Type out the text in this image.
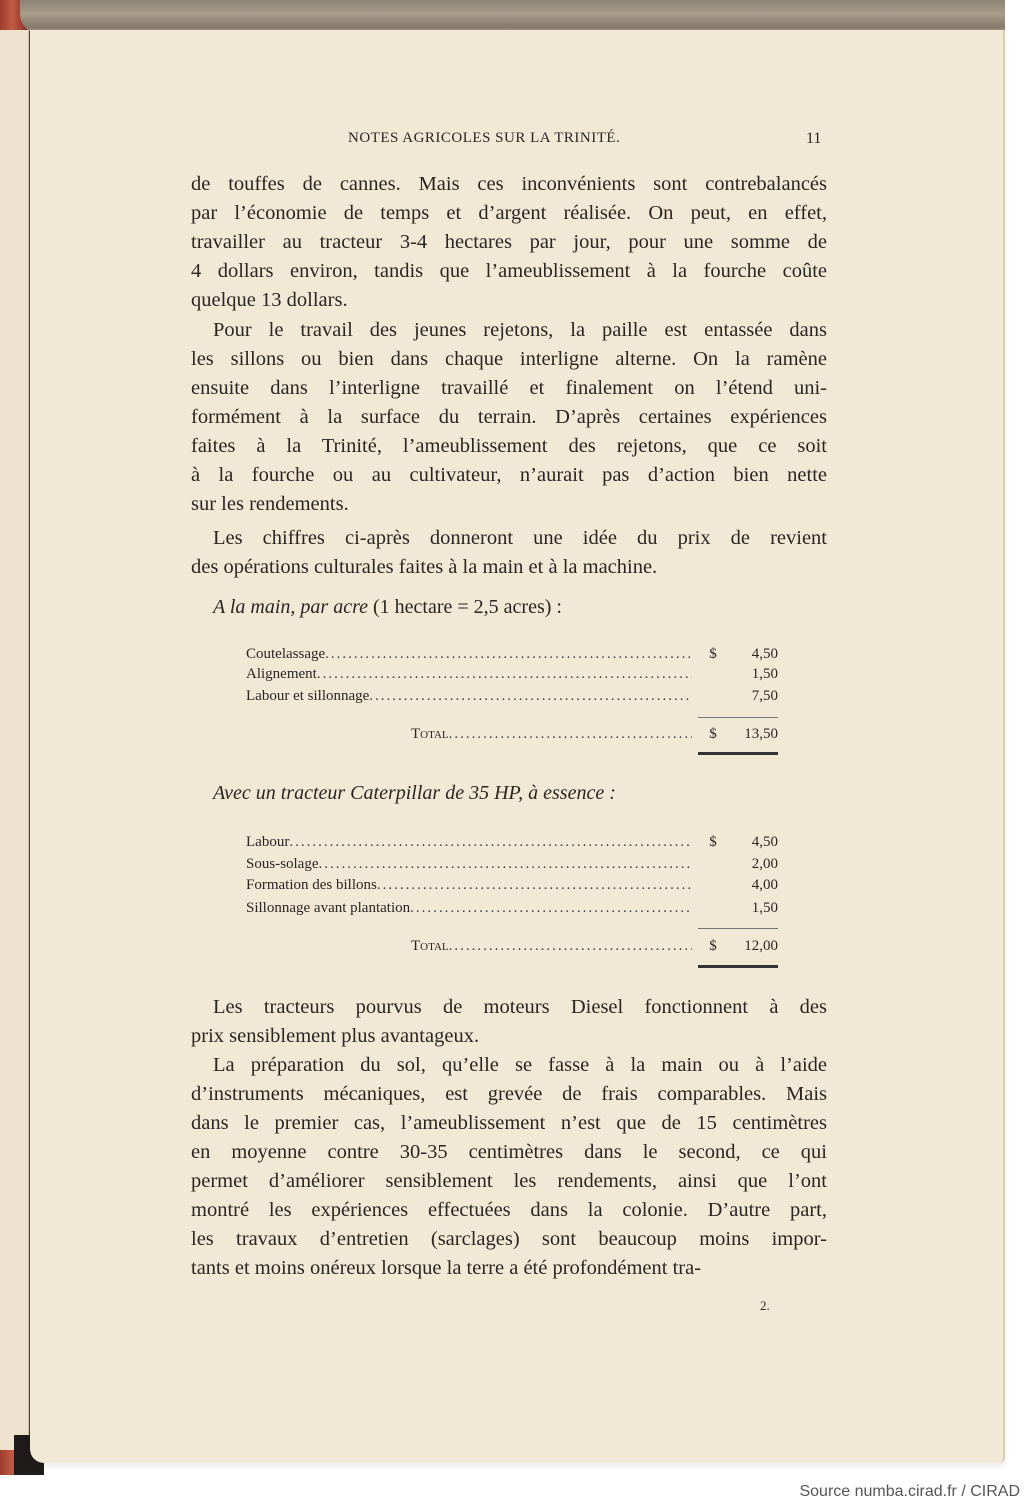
NOTES AGRICOLES SUR LA TRINITÉ.	11
de touffes de cannes. Mais ces inconvénients sont contrebalancés
par l’économie de temps et d’argent réalisée. On peut, en effet,
travailler au tracteur 3-4 hectares par jour, pour une somme de
4 dollars environ, tandis que l’ameublissement à la fourche coûte
quelque 13 dollars.
Pour le travail des jeunes rejetons, la paille est entassée dans
les sillons ou bien dans chaque interligne alterne. On la ramène
ensuite dans l’interligne travaillé et finalement on l’étend uni-
formément à la surface du terrain. D’après certaines expériences
faites à la Trinité, l’ameublissement des rejetons, que ce soit
à la fourche ou au cultivateur, n’aurait pas d’action bien nette
sur les rendements.
Les chiffres ci-après donneront une idée du prix de revient
des opérations culturales faites à la main et à la machine.
Les tracteurs pourvus de moteurs Diesel fonctionnent à des
prix sensiblement plus avantageux.
La préparation du sol, qu’elle se fasse à la main ou à l’aide
d’instruments mécaniques, est grevée de frais comparables. Mais
dans le premier cas, l’ameublissement n’est que de 15 centimètres
en moyenne contre 30-35 centimètres dans le second, ce qui
permet d’améliorer sensiblement les rendements, ainsi que l’ont
montré les expériences effectuées dans la colonie. D’autre part,
les travaux d’entretien (sarclages) sont beaucoup moins impor-
tants et moins onéreux lorsque la terre a été profondément tra-
A la main, par acre (1 hectare = 2,5 acres) :
Coutelassage .....	$	4,50
Alignement .....	1,50
Labour et sillonnage .....	7,50
Total .....	$	13,50
Avec un tracteur Caterpillar de 35 HP, à essence :
Labour .....	$	4,50
Sous-solage .....	2,00
Formation des billons .....	4,00
Sillonnage avant plantation .....	1,50
Total .....	$	12,00
2.
Source numba.cirad.fr / CIRAD
